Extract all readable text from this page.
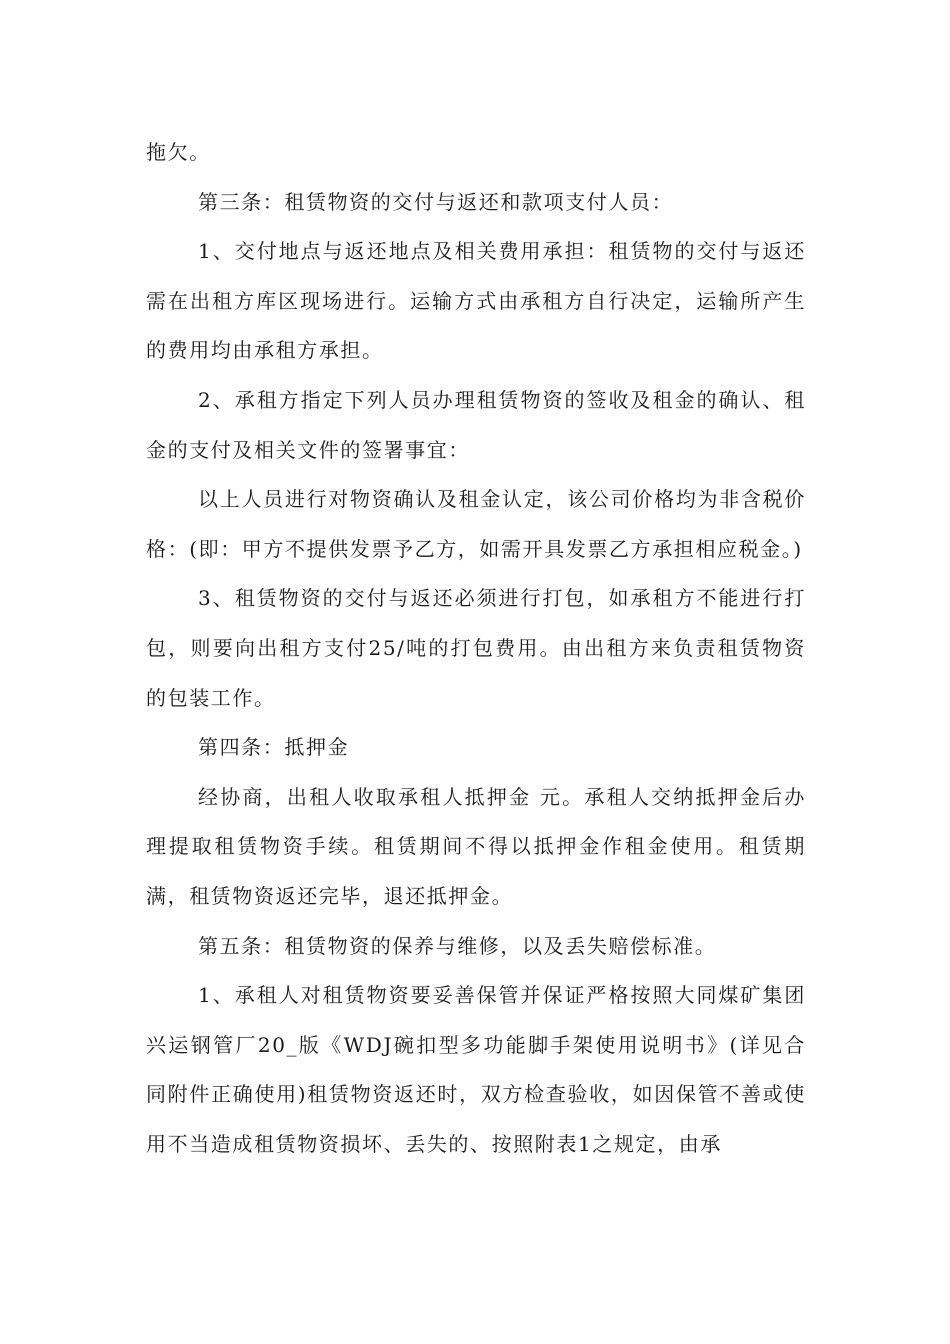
拖欠。

第三条：租赁物资的交付与返还和款项支付人员：

1、交付地点与返还地点及相关费用承担：租赁物的交付与返还需在出租方库区现场进行。运输方式由承租方自行决定，运输所产生的费用均由承租方承担。

2、承租方指定下列人员办理租赁物资的签收及租金的确认、租金的支付及相关文件的签署事宜：

以上人员进行对物资确认及租金认定，该公司价格均为非含税价格：(即：甲方不提供发票予乙方，如需开具发票乙方承担相应税金。)

3、租赁物资的交付与返还必须进行打包，如承租方不能进行打包，则要向出租方支付25/吨的打包费用。由出租方来负责租赁物资的包装工作。

第四条：抵押金

经协商，出租人收取承租人抵押金 元。承租人交纳抵押金后办理提取租赁物资手续。租赁期间不得以抵押金作租金使用。租赁期满，租赁物资返还完毕，退还抵押金。

第五条：租赁物资的保养与维修，以及丢失赔偿标准。

1、承租人对租赁物资要妥善保管并保证严格按照大同煤矿集团兴运钢管厂20_版《WDJ碗扣型多功能脚手架使用说明书》(详见合同附件正确使用)租赁物资返还时，双方检查验收，如因保管不善或使用不当造成租赁物资损坏、丢失的、按照附表1之规定，由承
